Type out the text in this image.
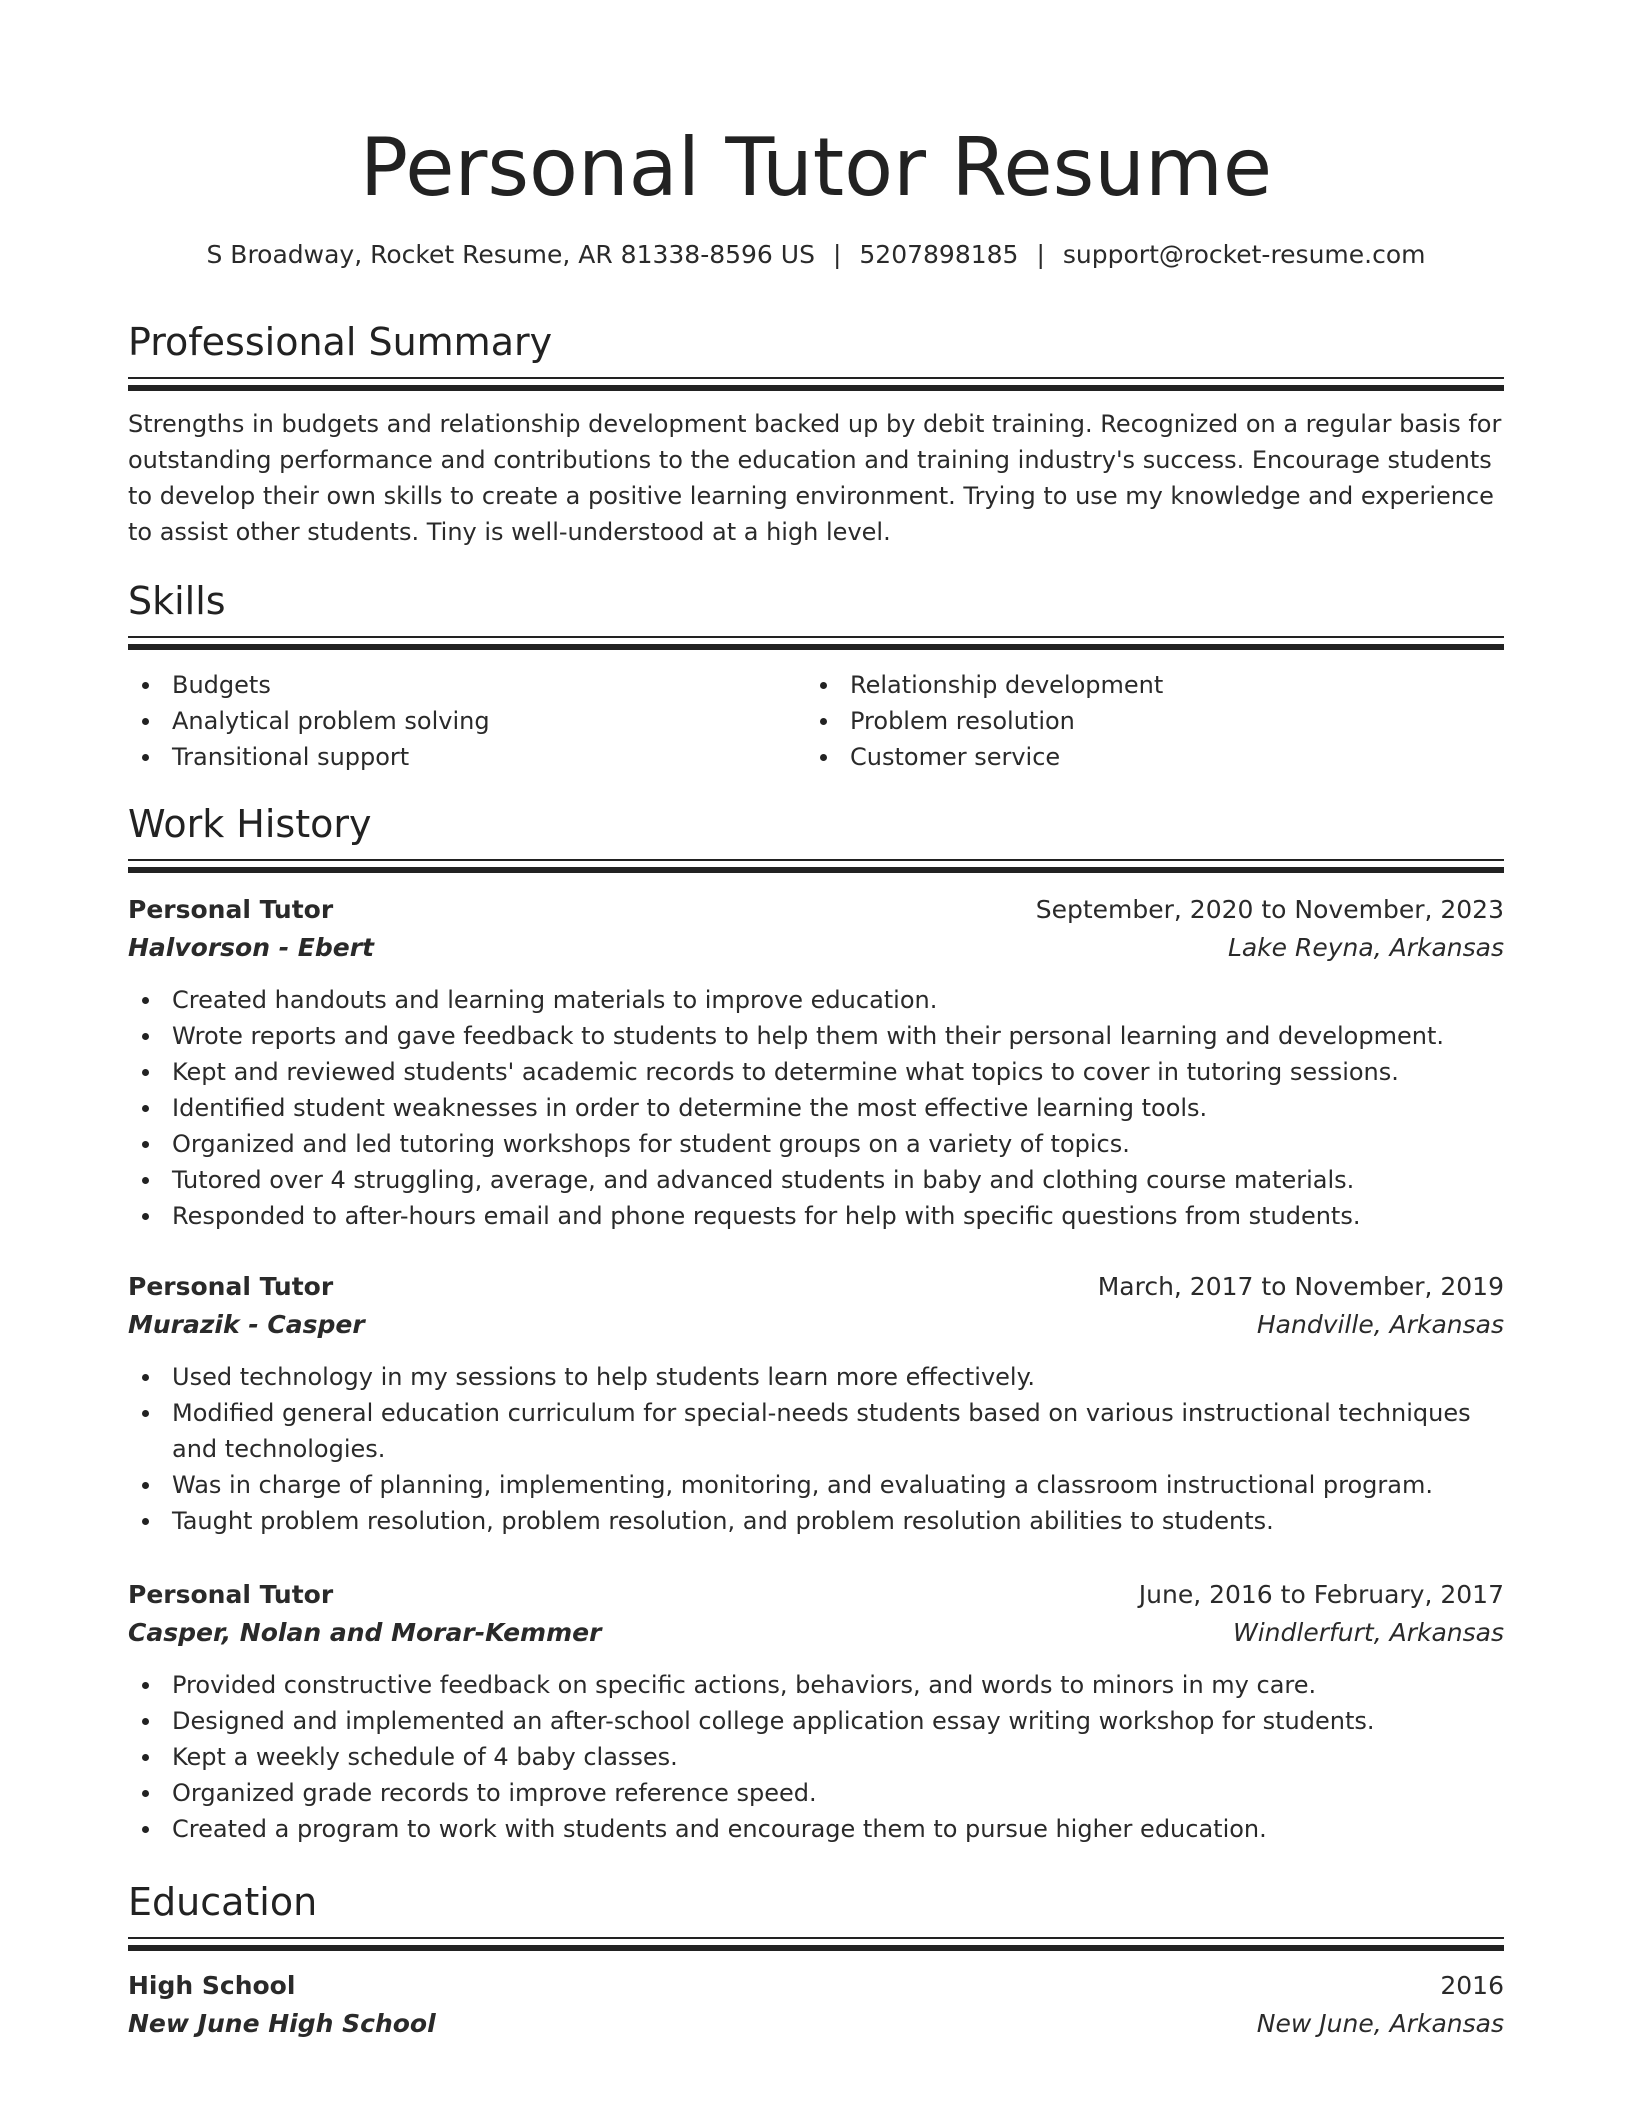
Personal Tutor Resume
S Broadway, Rocket Resume, AR 81338-8596 US | 5207898185 | support@rocket-resume.com
Professional Summary

Strengths in budgets and relationship development backed up by debit training. Recognized on a regular basis for outstanding performance and contributions to the education and training industry's success. Encourage students to develop their own skills to create a positive learning environment. Trying to use my knowledge and experience to assist other students. Tiny is well-understood at a high level.

Skills
Budgets
Analytical problem solving
Transitional support
Relationship development
Problem resolution
Customer service
Work History
Personal Tutor	September, 2020 to November, 2023
Halvorson - Ebert	Lake Reyna, Arkansas
Created handouts and learning materials to improve education.
Wrote reports and gave feedback to students to help them with their personal learning and development.
Kept and reviewed students' academic records to determine what topics to cover in tutoring sessions.
Identified student weaknesses in order to determine the most effective learning tools.
Organized and led tutoring workshops for student groups on a variety of topics.
Tutored over 4 struggling, average, and advanced students in baby and clothing course materials.
Responded to after-hours email and phone requests for help with specific questions from students.
Personal Tutor	March, 2017 to November, 2019
Murazik - Casper	Handville, Arkansas
Used technology in my sessions to help students learn more effectively.
Modified general education curriculum for special-needs students based on various instructional techniques and technologies.
Was in charge of planning, implementing, monitoring, and evaluating a classroom instructional program.
Taught problem resolution, problem resolution, and problem resolution abilities to students.
Personal Tutor	June, 2016 to February, 2017
Casper, Nolan and Morar-Kemmer	Windlerfurt, Arkansas
Provided constructive feedback on specific actions, behaviors, and words to minors in my care.
Designed and implemented an after-school college application essay writing workshop for students.
Kept a weekly schedule of 4 baby classes.
Organized grade records to improve reference speed.
Created a program to work with students and encourage them to pursue higher education.
Education
High School	2016
New June High School	New June, Arkansas
